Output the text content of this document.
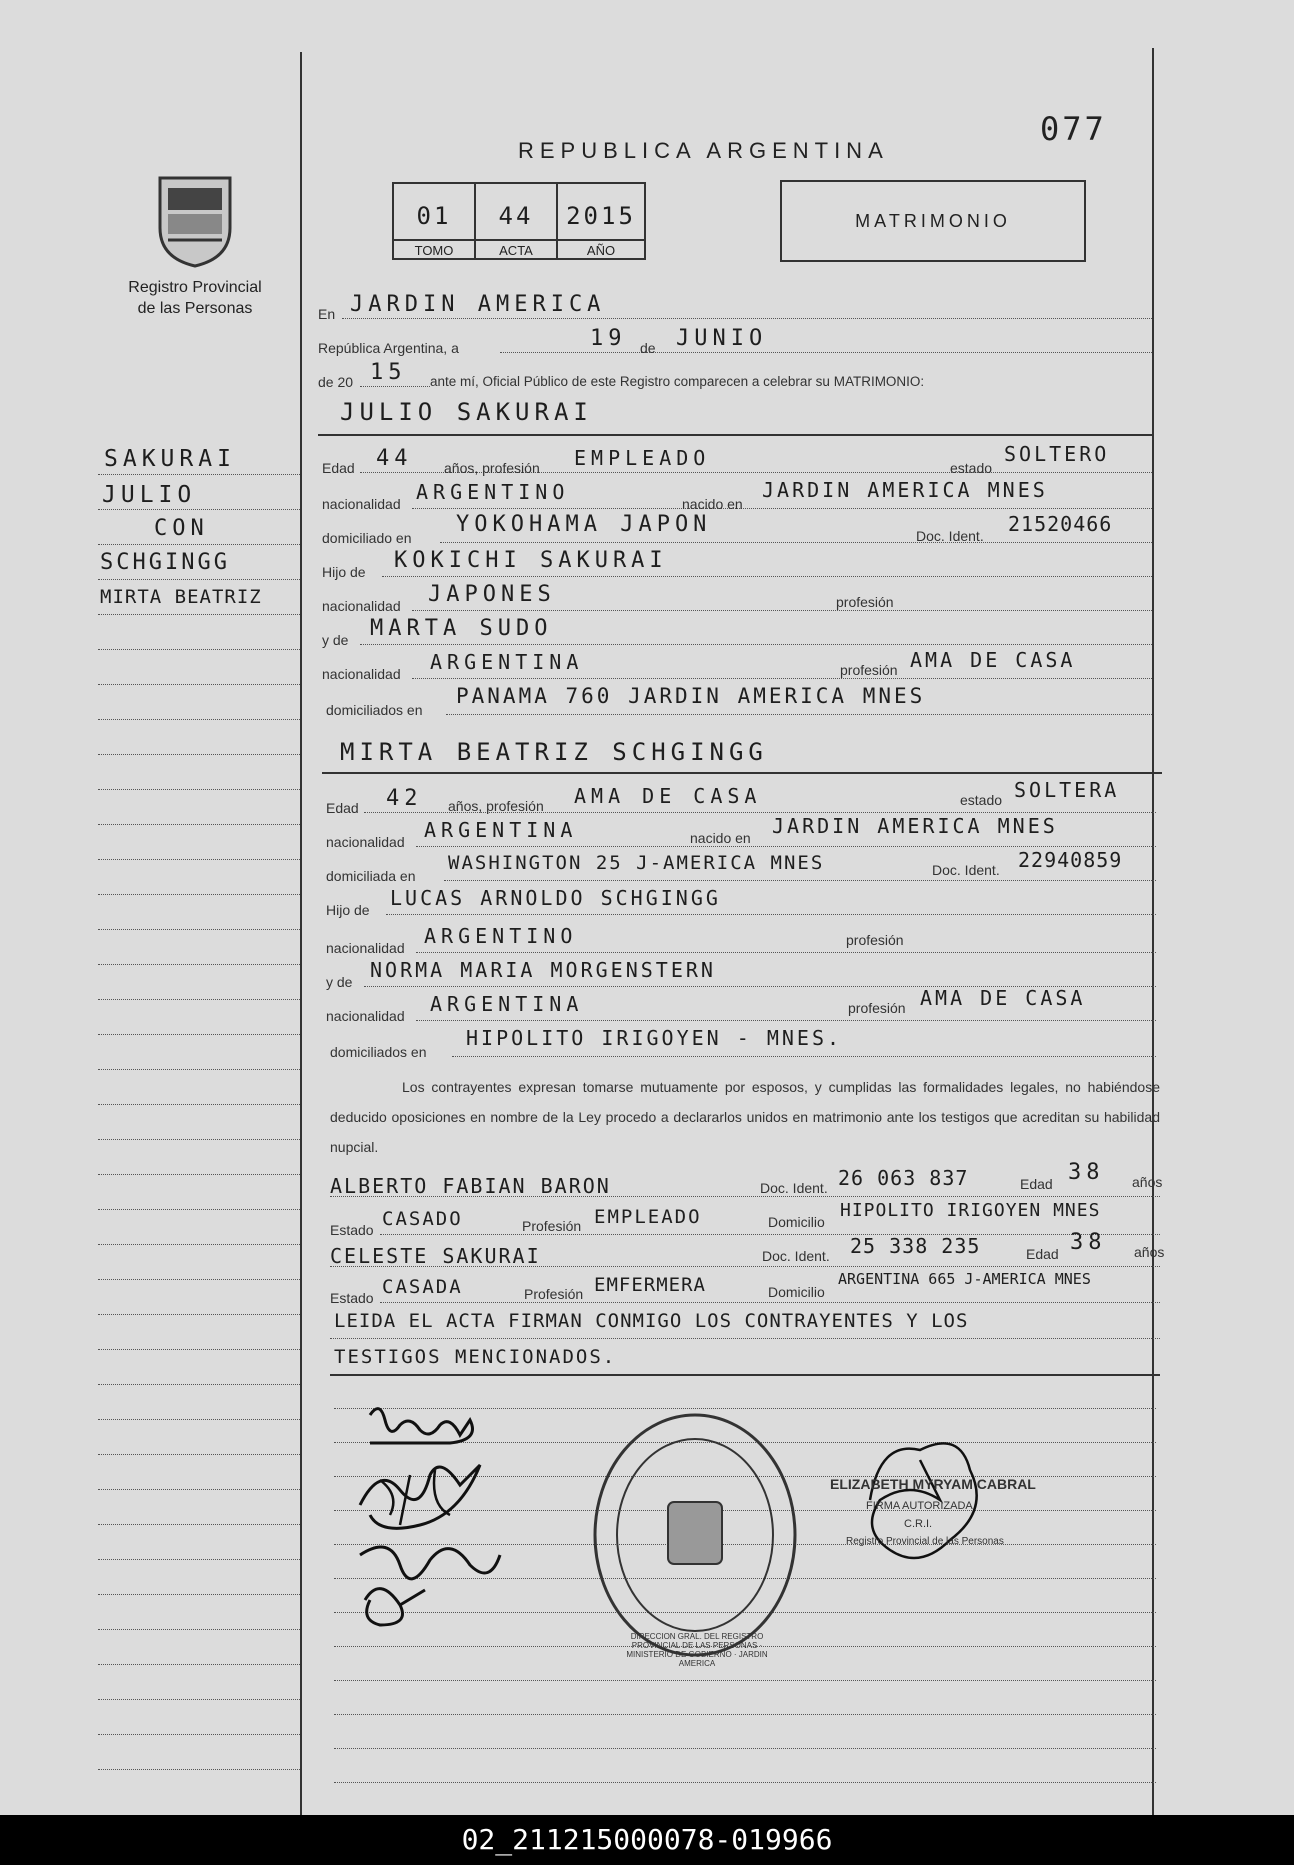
077
Registro Provincial
de las Personas
REPUBLICA ARGENTINA
01
TOMO
44
ACTA
2015
AÑO
MATRIMONIO
En JARDIN AMERICA
República Argentina, a	19 de JUNIO
de 20 15 ante mí, Oficial Público de este Registro comparecen a celebrar su MATRIMONIO:
JULIO SAKURAI
Edad 44 años, profesión EMPLEADO	estado
SOLTERO
nacionalidad ARGENTINO	nacido en
JARDIN AMERICA MNES
domiciliado en
YOKOHAMA JAPON	Doc. Ident. 21520466
Hijo de KOKICHI SAKURAI
nacionalidad JAPONES	profesión
y de MARTA SUDO
nacionalidad ARGENTINA	profesión AMA DE CASA
domiciliados en
PANAMA 760 JARDIN AMERICA MNES
MIRTA BEATRIZ SCHGINGG
Edad 42 años, profesión AMA DE CASA	estado SOLTERA
nacionalidad ARGENTINA	nacido en JARDIN AMERICA MNES
domiciliada en
WASHINGTON 25 J-AMERICA MNES	Doc. Ident. 22940859
Hijo de LUCAS ARNOLDO SCHGINGG
nacionalidad ARGENTINO	profesión
y de NORMA MARIA MORGENSTERN
nacionalidad ARGENTINA	profesión AMA DE CASA
domiciliados en
HIPOLITO IRIGOYEN - MNES.
Los contrayentes expresan tomarse mutuamente por esposos, y cumplidas las formalidades legales, no habiéndose deducido oposiciones en nombre de la Ley procedo a declararlos unidos en matrimonio ante los testigos que acreditan su habilidad nupcial.
ALBERTO FABIAN BARON	Doc. Ident. 26 063 837	Edad 38 años
Estado CASADO	Profesión EMPLEADO	Domicilio
HIPOLITO IRIGOYEN MNES
CELESTE SAKURAI	Doc. Ident. 25 338 235	Edad 38 años
Estado CASADA	Profesión EMFERMERA	Domicilio
ARGENTINA 665 J-AMERICA MNES
LEIDA EL ACTA FIRMAN CONMIGO LOS CONTRAYENTES Y LOS
TESTIGOS MENCIONADOS.
DIRECCION GRAL. DEL REGISTRO PROVINCIAL DE LAS PERSONAS · MINISTERIO DE GOBIERNO · JARDIN AMERICA
ELIZABETH MYRYAM CABRAL
FIRMA AUTORIZADA
C.R.I.
Registro Provincial de las Personas
SAKURAI
JULIO
CON
SCHGINGG
MIRTA BEATRIZ
02_211215000078-019966
